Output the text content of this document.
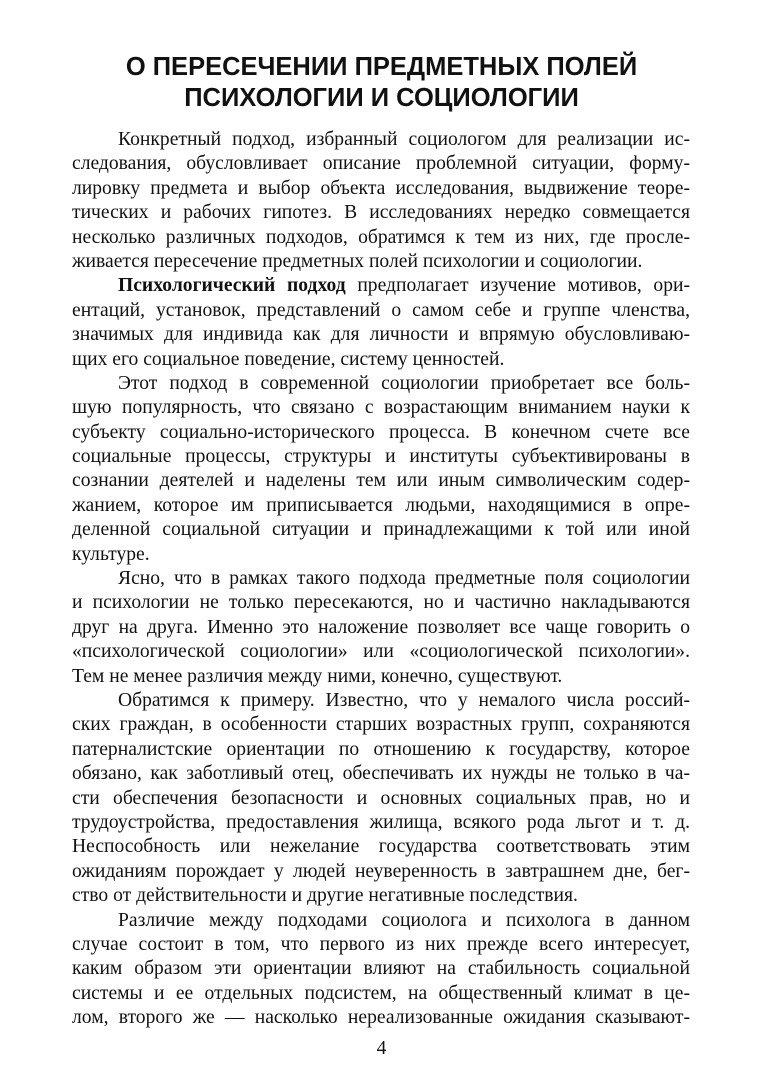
О ПЕРЕСЕЧЕНИИ ПРЕДМЕТНЫХ ПОЛЕЙ
ПСИХОЛОГИИ И СОЦИОЛОГИИ
Конкретный подход, избранный социологом для реализации ис-
следования, обусловливает описание проблемной ситуации, форму-
лировку предмета и выбор объекта исследования, выдвижение теоре-
тических и рабочих гипотез. В исследованиях нередко совмещается
несколько различных подходов, обратимся к тем из них, где просле-
живается пересечение предметных полей психологии и социологии.
Психологический подход предполагает изучение мотивов, ори-
ентаций, установок, представлений о самом себе и группе членства,
значимых для индивида как для личности и впрямую обусловливаю-
щих его социальное поведение, систему ценностей.
Этот подход в современной социологии приобретает все боль-
шую популярность, что связано с возрастающим вниманием науки к
субъекту социально-исторического процесса. В конечном счете все
социальные процессы, структуры и институты субъективированы в
сознании деятелей и наделены тем или иным символическим содер-
жанием, которое им приписывается людьми, находящимися в опре-
деленной социальной ситуации и принадлежащими к той или иной
культуре.
Ясно, что в рамках такого подхода предметные поля социологии
и психологии не только пересекаются, но и частично накладываются
друг на друга. Именно это наложение позволяет все чаще говорить о
«психологической социологии» или «социологической психологии».
Тем не менее различия между ними, конечно, существуют.
Обратимся к примеру. Известно, что у немалого числа россий-
ских граждан, в особенности старших возрастных групп, сохраняются
патерналистские ориентации по отношению к государству, которое
обязано, как заботливый отец, обеспечивать их нужды не только в ча-
сти обеспечения безопасности и основных социальных прав, но и
трудоустройства, предоставления жилища, всякого рода льгот и т. д.
Неспособность или нежелание государства соответствовать этим
ожиданиям порождает у людей неуверенность в завтрашнем дне, бег-
ство от действительности и другие негативные последствия.
Различие между подходами социолога и психолога в данном
случае состоит в том, что первого из них прежде всего интересует,
каким образом эти ориентации влияют на стабильность социальной
системы и ее отдельных подсистем, на общественный климат в це-
лом, второго же — насколько нереализованные ожидания сказывают-
4
